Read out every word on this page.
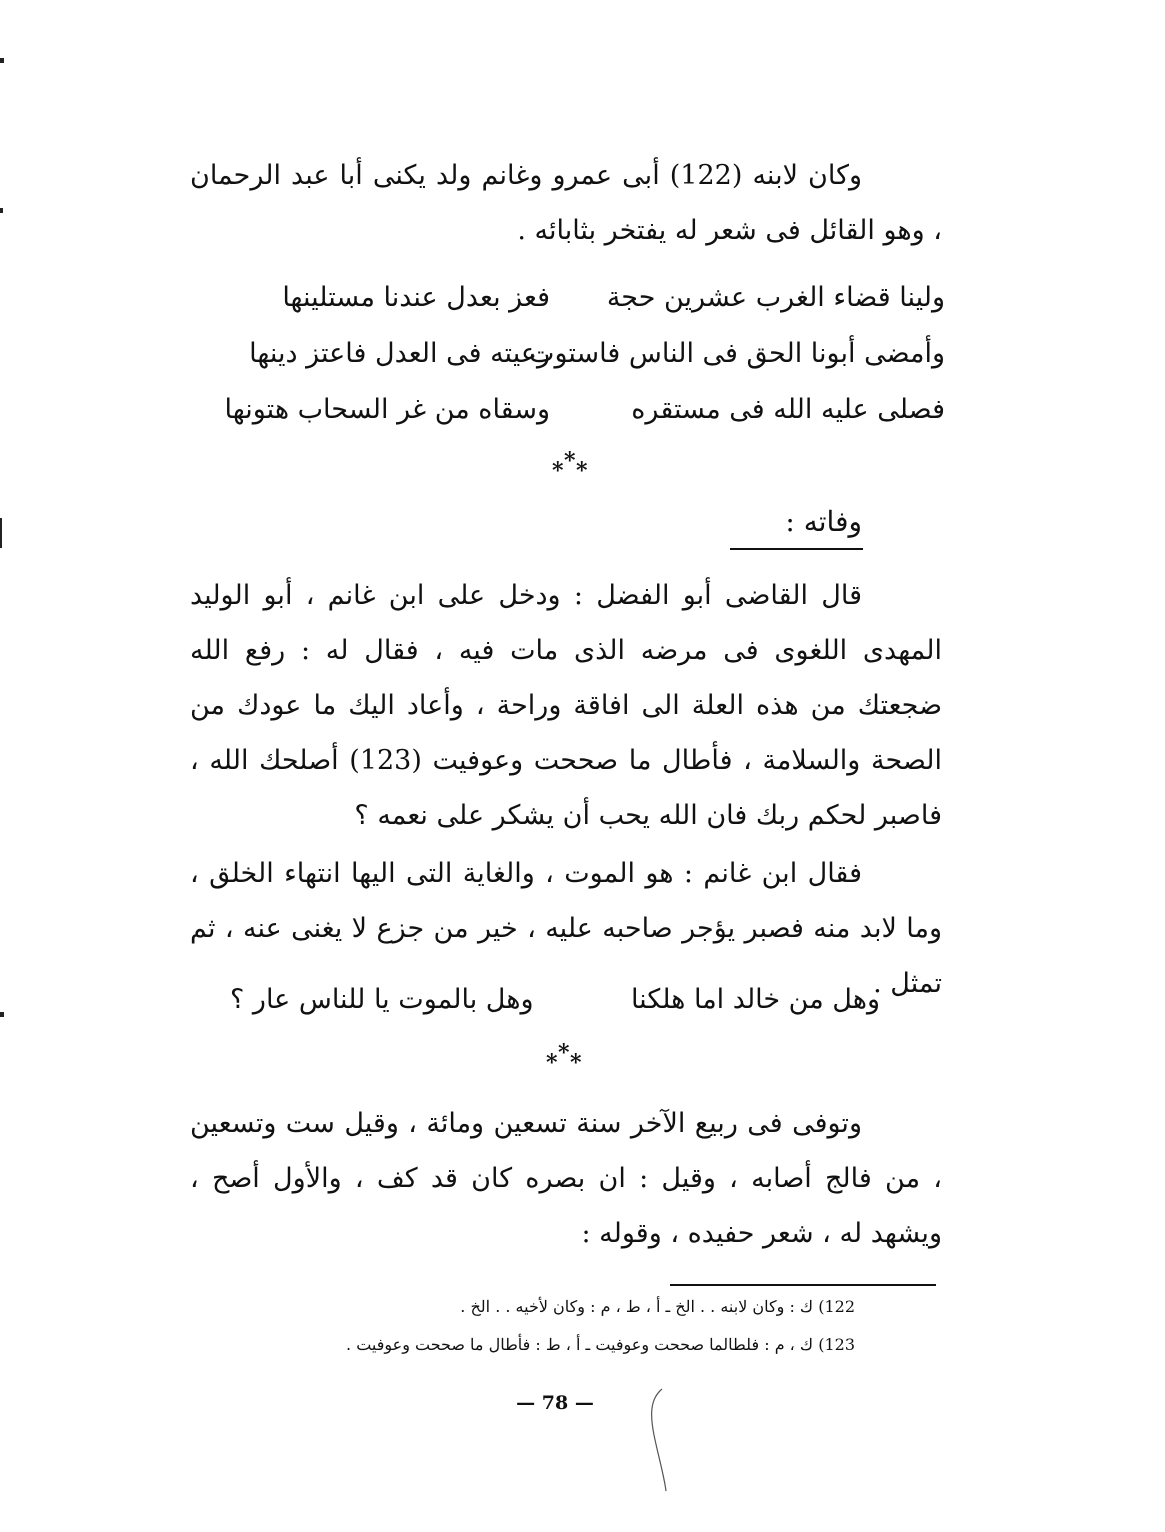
وكان لابنه (122) أبى عمرو وغانم ولد يكنى أبا عبد الرحمان ، وهو القائل فى شعر له يفتخر بثابائه .

ولينا قضاء الغرب عشرين حجة
فعز بعدل عندنا مستلينها
وأمضى أبونا الحق فى الناس فاستوت
رعيته فى العدل فاعتز دينها
فصلى عليه الله فى مستقره
وسقاه من غر السحاب هتونها
* * *
وفاته :

قال القاضى أبو الفضل : ودخل على ابن غانم ، أبو الوليد المهدى اللغوى فى مرضه الذى مات فيه ، فقال له : رفع الله ضجعتك من هذه العلة الى افاقة وراحة ، وأعاد اليك ما عودك من الصحة والسلامة ، فأطال ما صححت وعوفيت (123) أصلحك الله ، فاصبر لحكم ربك فان الله يحب أن يشكر على نعمه ؟

فقال ابن غانم : هو الموت ، والغاية التى اليها انتهاء الخلق ، وما لابد منه فصبر يؤجر صاحبه عليه ، خير من جزع لا يغنى عنه ، ثم تمثل .

وهل من خالد اما هلكنا
وهل بالموت يا للناس عار ؟
* * *

وتوفى فى ربيع الآخر سنة تسعين ومائة ، وقيل ست وتسعين ، من فالج أصابه ، وقيل : ان بصره كان قد كف ، والأول أصح ، ويشهد له ، شعر حفيده ، وقوله :

122) ك : وكان لابنه . . الخ ـ أ ، ط ، م : وكان لأخيه . . الخ .
123) ك ، م : فلطالما صححت وعوفيت ـ أ ، ط : فأطال ما صححت وعوفيت .
— 78 —
